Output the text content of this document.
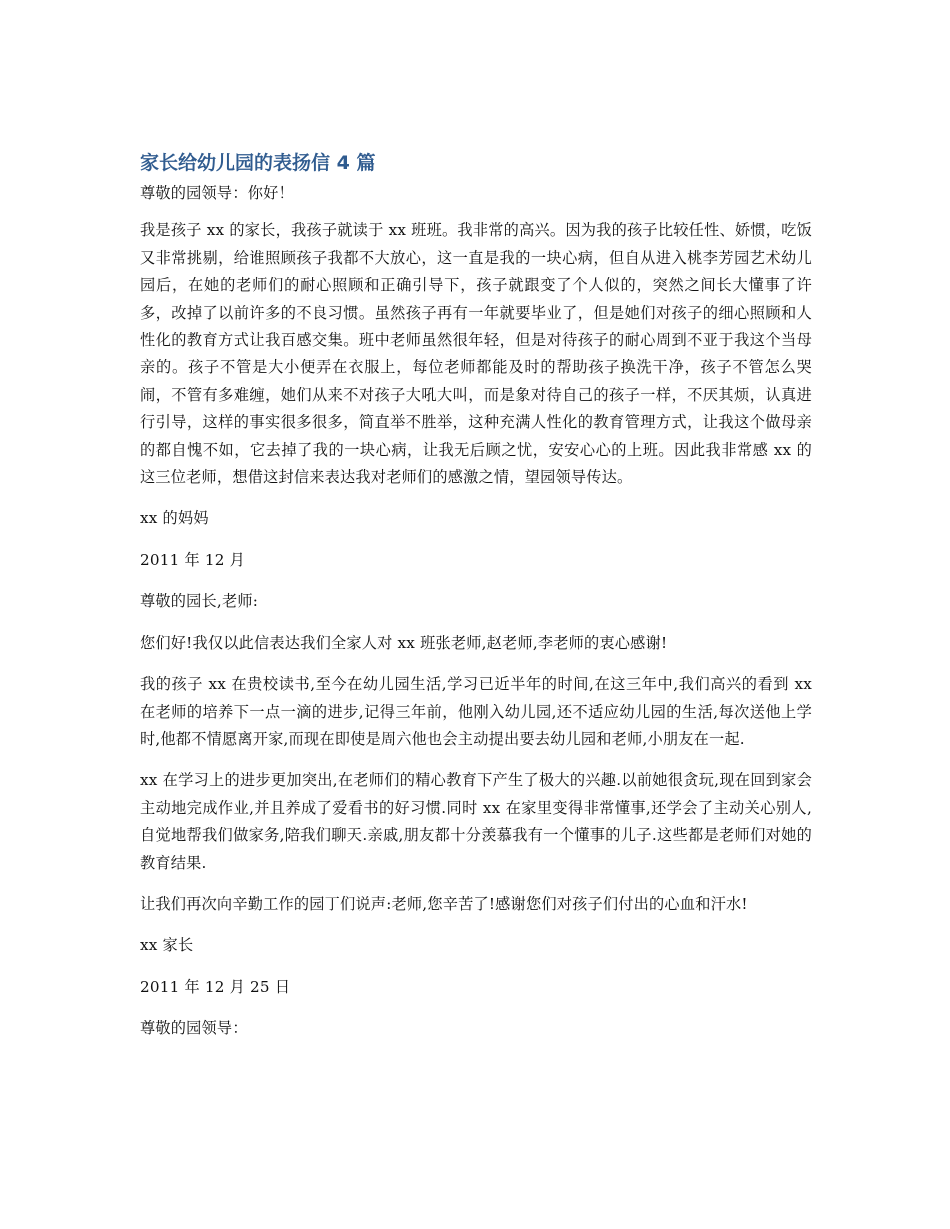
家长给幼儿园的表扬信 4 篇

尊敬的园领导：你好！

我是孩子 xx 的家长，我孩子就读于 xx 班班。我非常的高兴。因为我的孩子比较任性、娇惯，吃饭又非常挑剔，给谁照顾孩子我都不大放心，这一直是我的一块心病，但自从进入桃李芳园艺术幼儿园后，在她的老师们的耐心照顾和正确引导下，孩子就跟变了个人似的，突然之间长大懂事了许多，改掉了以前许多的不良习惯。虽然孩子再有一年就要毕业了，但是她们对孩子的细心照顾和人性化的教育方式让我百感交集。班中老师虽然很年轻，但是对待孩子的耐心周到不亚于我这个当母亲的。孩子不管是大小便弄在衣服上，每位老师都能及时的帮助孩子换洗干净，孩子不管怎么哭闹，不管有多难缠，她们从来不对孩子大吼大叫，而是象对待自己的孩子一样，不厌其烦，认真进行引导，这样的事实很多很多，简直举不胜举，这种充满人性化的教育管理方式，让我这个做母亲的都自愧不如，它去掉了我的一块心病，让我无后顾之忧，安安心心的上班。因此我非常感 xx 的这三位老师，想借这封信来表达我对老师们的感激之情，望园领导传达。

xx 的妈妈

2011 年 12 月

尊敬的园长,老师:

您们好!我仅以此信表达我们全家人对 xx 班张老师,赵老师,李老师的衷心感谢!

我的孩子 xx 在贵校读书,至今在幼儿园生活,学习已近半年的时间,在这三年中,我们高兴的看到 xx 在老师的培养下一点一滴的进步,记得三年前，他刚入幼儿园,还不适应幼儿园的生活,每次送他上学时,他都不情愿离开家,而现在即使是周六他也会主动提出要去幼儿园和老师,小朋友在一起.

xx 在学习上的进步更加突出,在老师们的精心教育下产生了极大的兴趣.以前她很贪玩,现在回到家会主动地完成作业,并且养成了爱看书的好习惯.同时 xx 在家里变得非常懂事,还学会了主动关心别人,自觉地帮我们做家务,陪我们聊天.亲戚,朋友都十分羡慕我有一个懂事的儿子.这些都是老师们对她的教育结果.

让我们再次向辛勤工作的园丁们说声:老师,您辛苦了!感谢您们对孩子们付出的心血和汗水!

xx 家长

2011 年 12 月 25 日

尊敬的园领导：
